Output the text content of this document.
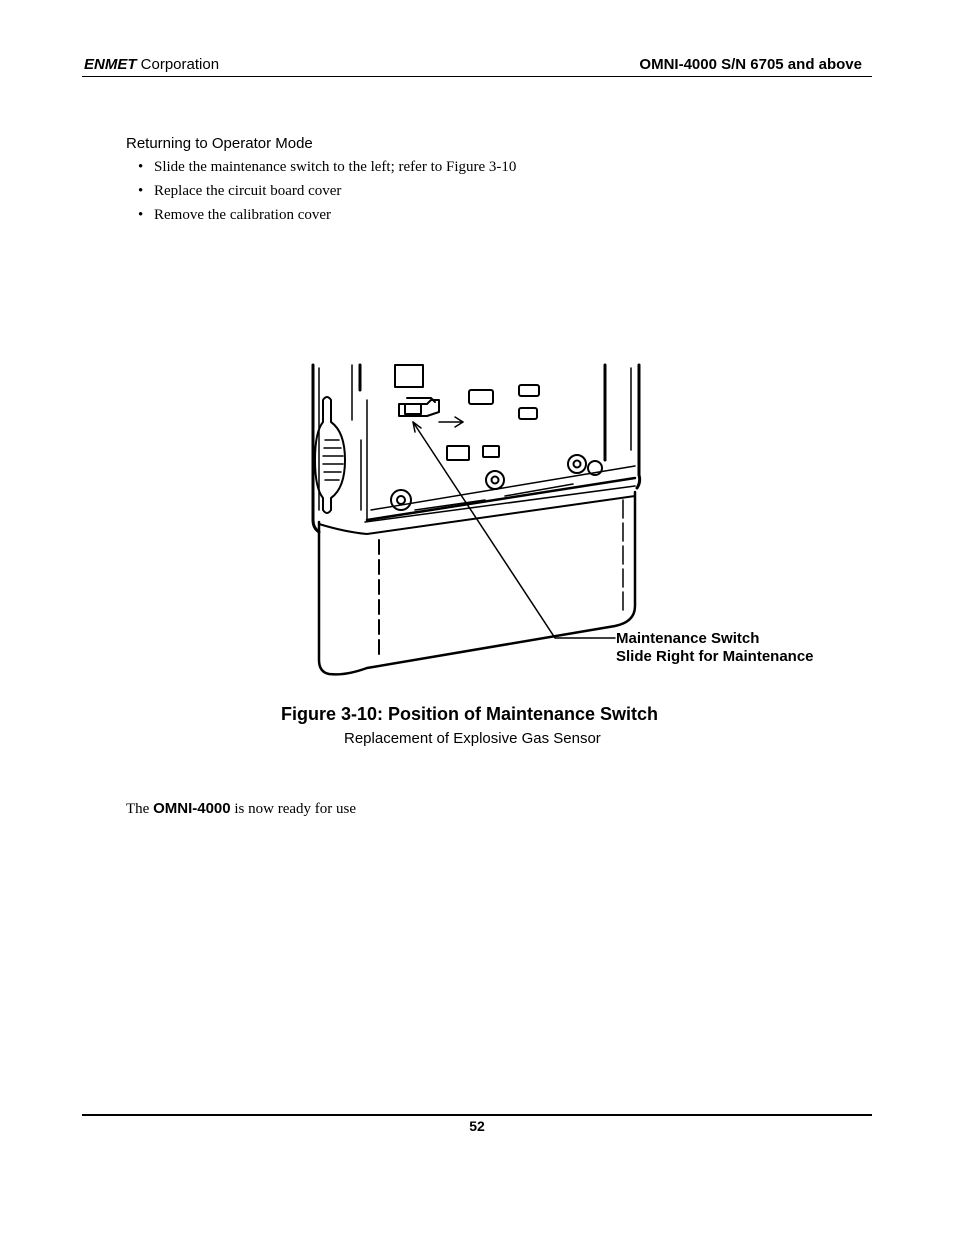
ENMET Corporation	OMNI-4000 S/N 6705 and above
Returning to Operator Mode
• Slide the maintenance switch to the left; refer to Figure 3-10
• Replace the circuit board cover
• Remove the calibration cover
Maintenance Switch
Slide Right for Maintenance
Figure 3-10: Position of Maintenance Switch
Replacement of Explosive Gas Sensor
The OMNI-4000 is now ready for use
52
